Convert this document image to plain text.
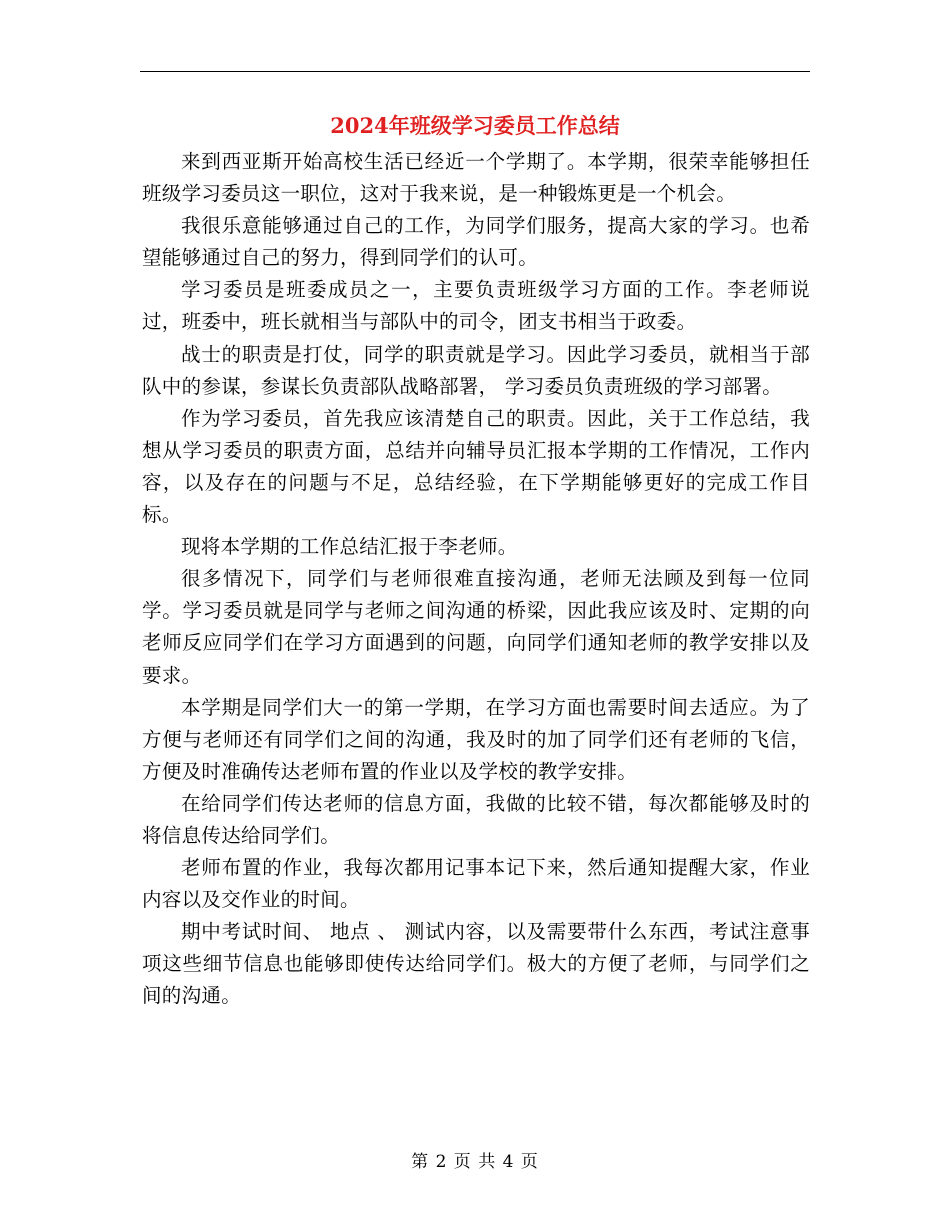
2024年班级学习委员工作总结

来到西亚斯开始高校生活已经近一个学期了。本学期，很荣幸能够担任班级学习委员这一职位，这对于我来说，是一种锻炼更是一个机会。

我很乐意能够通过自己的工作，为同学们服务，提高大家的学习。也希望能够通过自己的努力，得到同学们的认可。

学习委员是班委成员之一，主要负责班级学习方面的工作。李老师说过，班委中，班长就相当与部队中的司令，团支书相当于政委。

战士的职责是打仗，同学的职责就是学习。因此学习委员，就相当于部队中的参谋，参谋长负责部队战略部署， 学习委员负责班级的学习部署。

作为学习委员，首先我应该清楚自己的职责。因此，关于工作总结，我想从学习委员的职责方面，总结并向辅导员汇报本学期的工作情况，工作内容，以及存在的问题与不足，总结经验，在下学期能够更好的完成工作目标。

现将本学期的工作总结汇报于李老师。

很多情况下，同学们与老师很难直接沟通，老师无法顾及到每一位同学。学习委员就是同学与老师之间沟通的桥梁，因此我应该及时、定期的向老师反应同学们在学习方面遇到的问题，向同学们通知老师的教学安排以及要求。

本学期是同学们大一的第一学期，在学习方面也需要时间去适应。为了方便与老师还有同学们之间的沟通，我及时的加了同学们还有老师的飞信，方便及时准确传达老师布置的作业以及学校的教学安排。

在给同学们传达老师的信息方面，我做的比较不错，每次都能够及时的将信息传达给同学们。

老师布置的作业，我每次都用记事本记下来，然后通知提醒大家，作业内容以及交作业的时间。

期中考试时间、 地点 、 测试内容，以及需要带什么东西，考试注意事项这些细节信息也能够即使传达给同学们。极大的方便了老师，与同学们之间的沟通。

第 2 页 共 4 页
